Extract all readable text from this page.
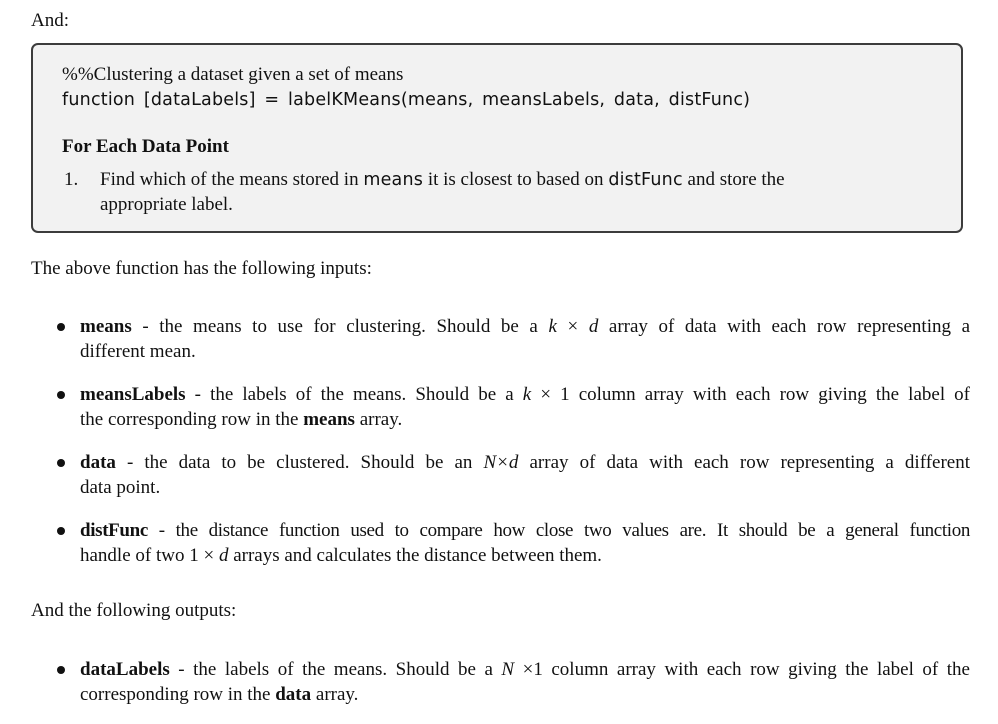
And:
%%Clustering a dataset given a set of means
function [dataLabels] = labelKMeans(means, meansLabels, data, distFunc)
For Each Data Point
1. Find which of the means stored in means it is closest to based on distFunc and store the
appropriate label.
The above function has the following inputs:
means - the means to use for clustering. Should be a k × d array of data with each row representing a
different mean.
meansLabels - the labels of the means. Should be a k × 1 column array with each row giving the label of
the corresponding row in the means array.
data - the data to be clustered. Should be an N×d array of data with each row representing a different
data point.
distFunc - the distance function used to compare how close two values are. It should be a general function
handle of two 1 × d arrays and calculates the distance between them.
And the following outputs:
dataLabels - the labels of the means. Should be a N ×1 column array with each row giving the label of the
corresponding row in the data array.
